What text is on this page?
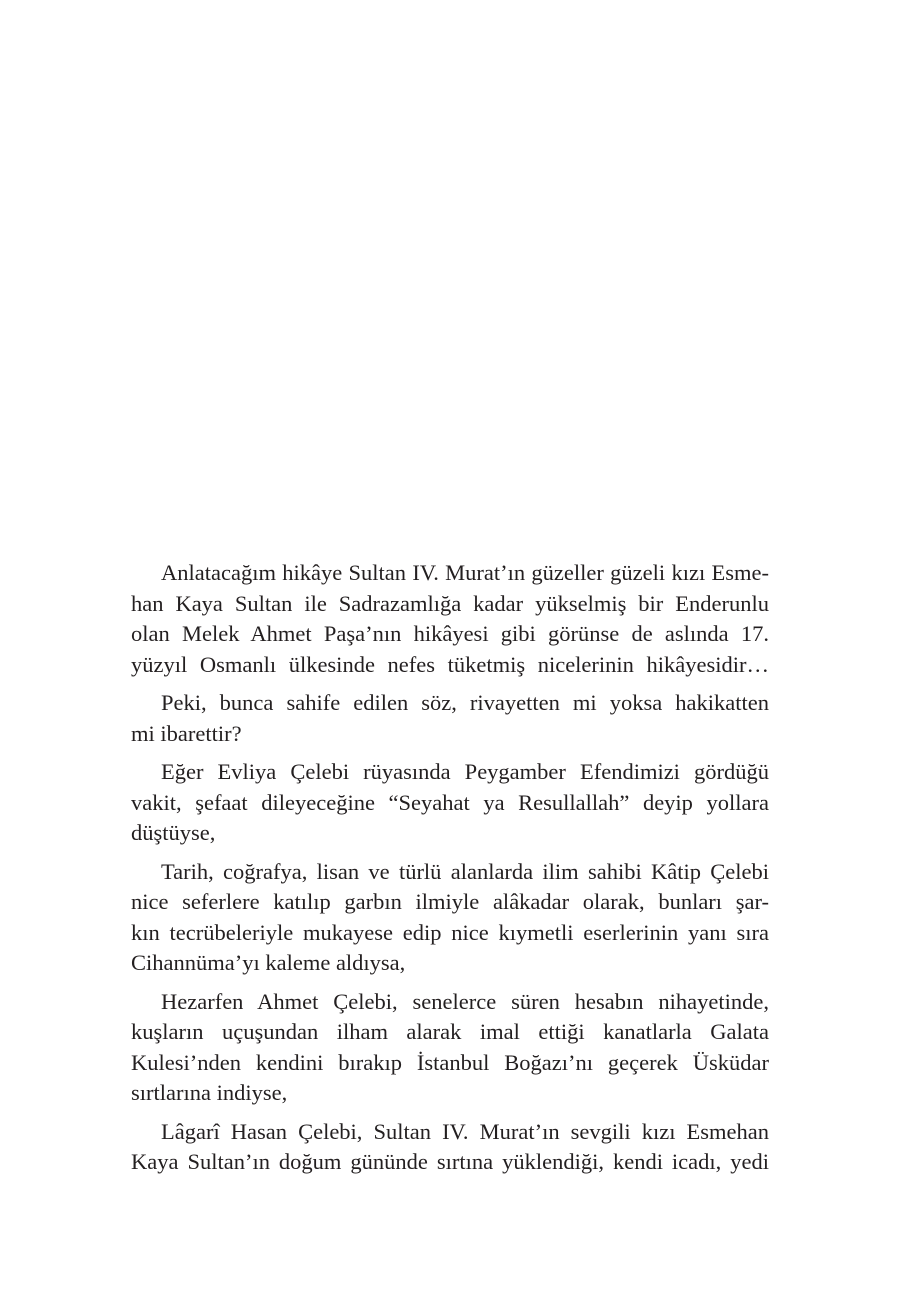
Anlatacağım hikâye Sultan IV. Murat’ın güzeller güzeli kızı Esme-
han Kaya Sultan ile Sadrazamlığa kadar yükselmiş bir Enderunlu
olan Melek Ahmet Paşa’nın hikâyesi gibi görünse de aslında 17.
yüzyıl Osmanlı ülkesinde nefes tüketmiş nicelerinin hikâyesidir…

Peki, bunca sahife edilen söz, rivayetten mi yoksa hakikatten
mi ibarettir?

Eğer Evliya Çelebi rüyasında Peygamber Efendimizi gördüğü
vakit, şefaat dileyeceğine “Seyahat ya Resullallah” deyip yollara
düştüyse,

Tarih, coğrafya, lisan ve türlü alanlarda ilim sahibi Kâtip Çelebi
nice seferlere katılıp garbın ilmiyle alâkadar olarak, bunları şar-
kın tecrübeleriyle mukayese edip nice kıymetli eserlerinin yanı sıra
Cihannüma’yı kaleme aldıysa,

Hezarfen Ahmet Çelebi, senelerce süren hesabın nihayetinde,
kuşların uçuşundan ilham alarak imal ettiği kanatlarla Galata
Kulesi’nden kendini bırakıp İstanbul Boğazı’nı geçerek Üsküdar
sırtlarına indiyse,

Lâgarî Hasan Çelebi, Sultan IV. Murat’ın sevgili kızı Esmehan
Kaya Sultan’ın doğum gününde sırtına yüklendiği, kendi icadı, yedi
